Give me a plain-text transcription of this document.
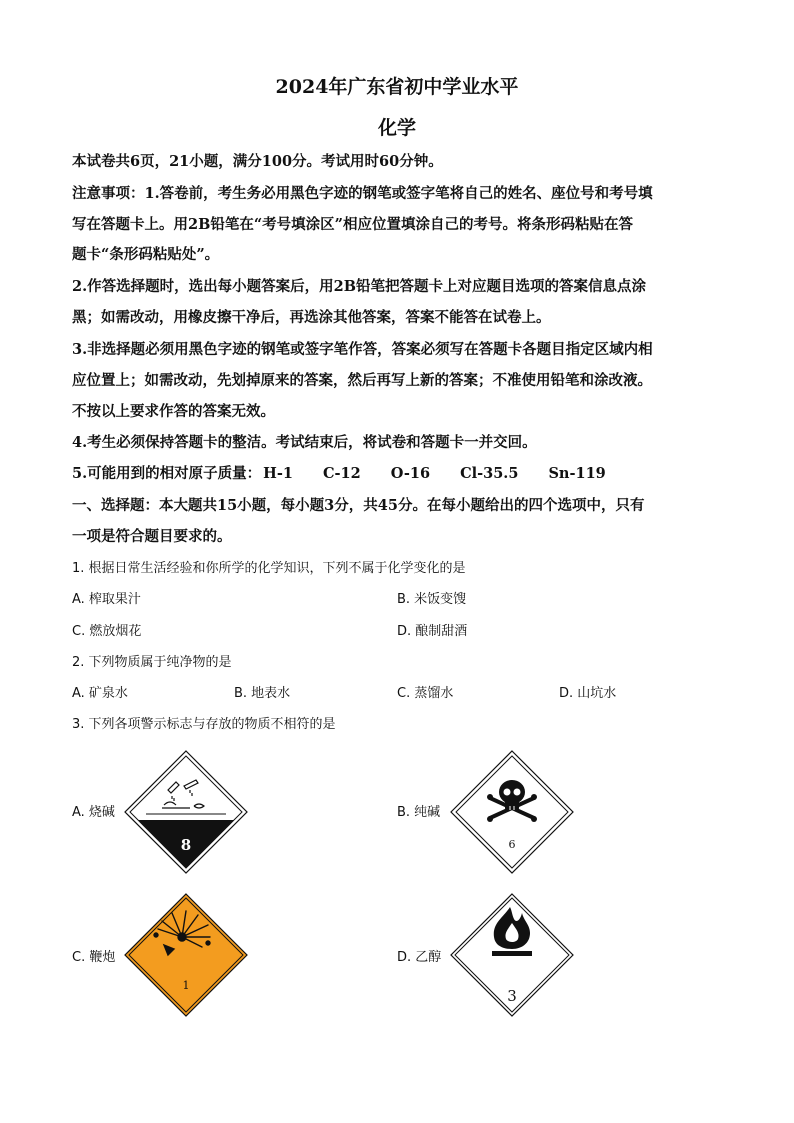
2024年广东省初中学业水平
化学
本试卷共6页，21小题，满分100分。考试用时60分钟。
注意事项：1.答卷前，考生务必用黑色字迹的钢笔或签字笔将自己的姓名、座位号和考号填
写在答题卡上。用2B铅笔在“考号填涂区”相应位置填涂自己的考号。将条形码粘贴在答
题卡“条形码粘贴处”。
2.作答选择题时，选出每小题答案后，用2B铅笔把答题卡上对应题目选项的答案信息点涂
黑；如需改动，用橡皮擦干净后，再选涂其他答案，答案不能答在试卷上。
3.非选择题必须用黑色字迹的钢笔或签字笔作答，答案必须写在答题卡各题目指定区域内相
应位置上；如需改动，先划掉原来的答案，然后再写上新的答案；不准使用铅笔和涂改液。
不按以上要求作答的答案无效。
4.考生必须保持答题卡的整洁。考试结束后，将试卷和答题卡一并交回。
5.可能用到的相对原子质量： H-1 C-12 O-16 Cl-35.5 Sn-119
一、选择题：本大题共15小题，每小题3分，共45分。在每小题给出的四个选项中，只有
一项是符合题目要求的。
1. 根据日常生活经验和你所学的化学知识，下列不属于化学变化的是
A. 榨取果汁	B. 米饭变馊
C. 燃放烟花	D. 酿制甜酒
2. 下列物质属于纯净物的是
A. 矿泉水	B. 地表水	C. 蒸馏水	D. 山坑水
3. 下列各项警示标志与存放的物质不相符的是
A. 烧碱	B. 纯碱
C. 鞭炮	D. 乙醇
8	6
1
3
